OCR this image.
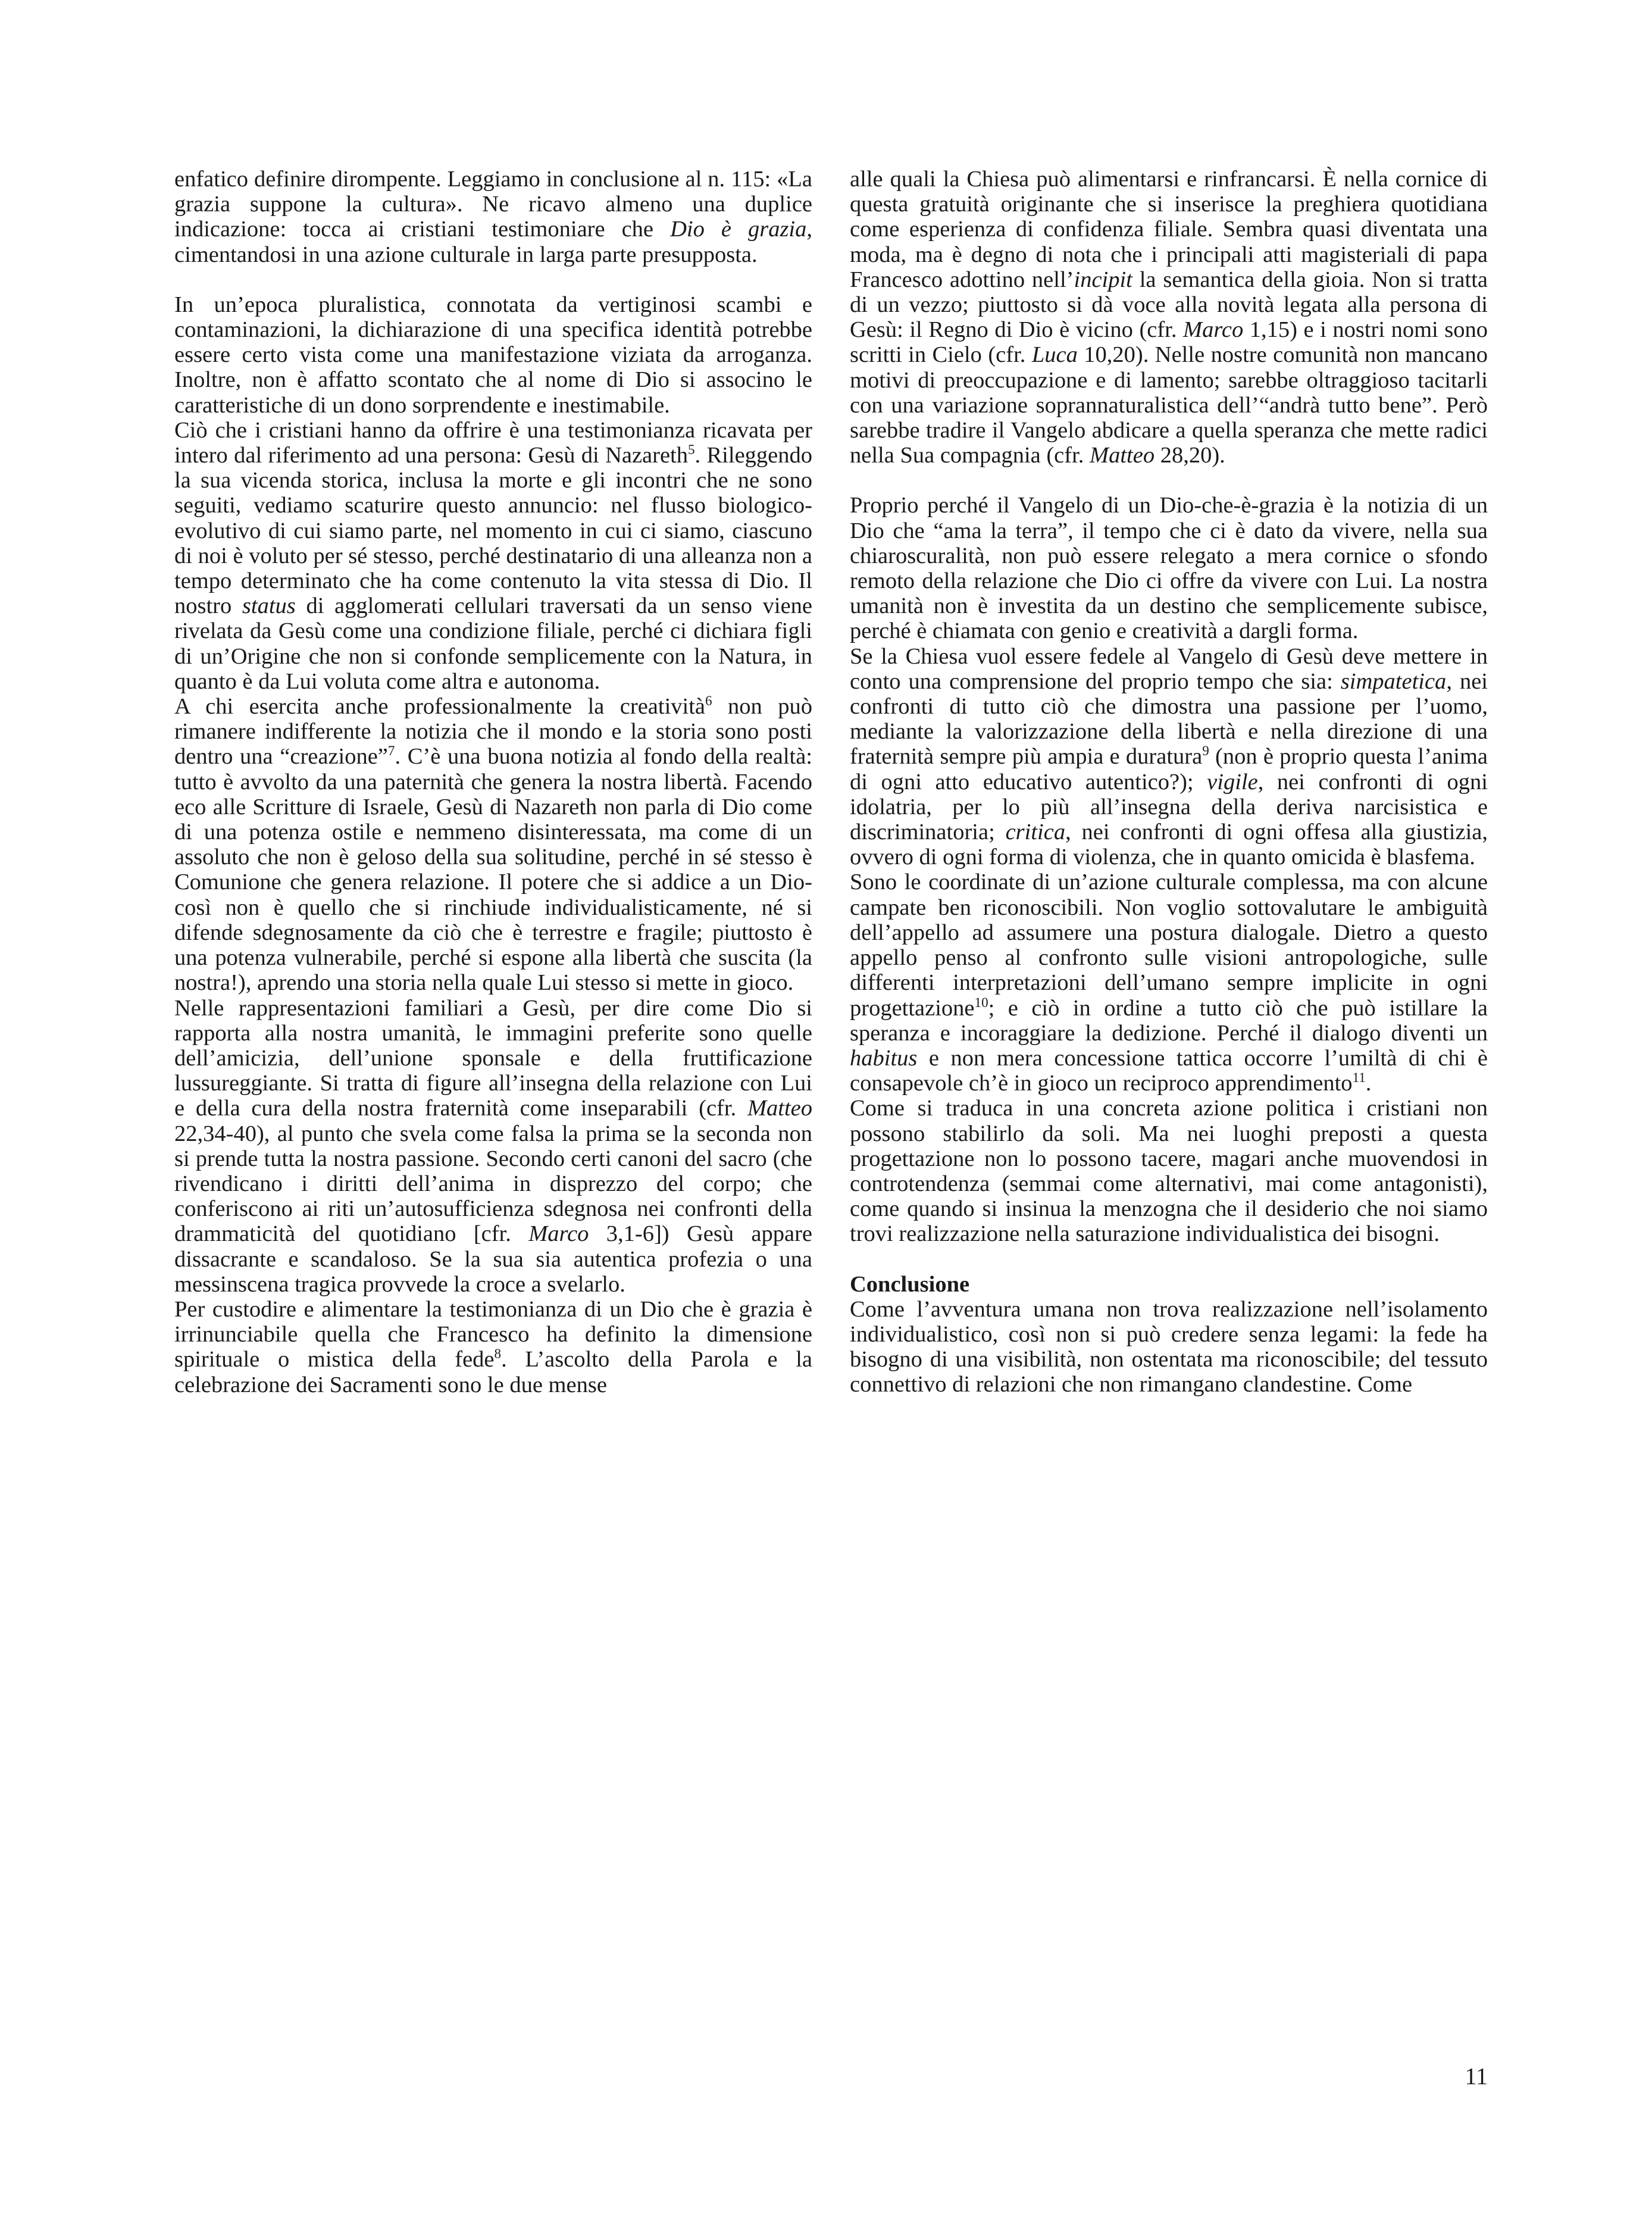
enfatico definire dirompente. Leggiamo in conclusione al n. 115: «La grazia suppone la cultura». Ne ricavo almeno una duplice indicazione: tocca ai cristiani testimoniare che Dio è grazia, cimentandosi in una azione culturale in larga parte presupposta.

In un’epoca pluralistica, connotata da vertiginosi scambi e contaminazioni, la dichiarazione di una specifica identità potrebbe essere certo vista come una manifestazione viziata da arroganza. Inoltre, non è affatto scontato che al nome di Dio si associno le caratteristiche di un dono sorprendente e inestimabile.

Ciò che i cristiani hanno da offrire è una testimonianza ricavata per intero dal riferimento ad una persona: Gesù di Nazareth$^5$. Rileggendo la sua vicenda storica, inclusa la morte e gli incontri che ne sono seguiti, vediamo scaturire questo annuncio: nel flusso biologico-evolutivo di cui siamo parte, nel momento in cui ci siamo, ciascuno di noi è voluto per sé stesso, perché destinatario di una alleanza non a tempo determinato che ha come contenuto la vita stessa di Dio. Il nostro status di agglomerati cellulari traversati da un senso viene rivelata da Gesù come una condizione filiale, perché ci dichiara figli di un’Origine che non si confonde semplicemente con la Natura, in quanto è da Lui voluta come altra e autonoma.

A chi esercita anche professionalmente la creatività$^6$ non può rimanere indifferente la notizia che il mondo e la storia sono posti dentro una “creazione”$^7$. C’è una buona notizia al fondo della realtà: tutto è avvolto da una paternità che genera la nostra libertà. Facendo eco alle Scritture di Israele, Gesù di Nazareth non parla di Dio come di una potenza ostile e nemmeno disinteressata, ma come di un assoluto che non è geloso della sua solitudine, perché in sé stesso è Comunione che genera relazione. Il potere che si addice a un Dio-così non è quello che si rinchiude individualisticamente, né si difende sdegnosamente da ciò che è terrestre e fragile; piuttosto è una potenza vulnerabile, perché si espone alla libertà che suscita (la nostra!), aprendo una storia nella quale Lui stesso si mette in gioco.

Nelle rappresentazioni familiari a Gesù, per dire come Dio si rapporta alla nostra umanità, le immagini preferite sono quelle dell’amicizia, dell’unione sponsale e della fruttificazione lussureggiante. Si tratta di figure all’insegna della relazione con Lui e della cura della nostra fraternità come inseparabili (cfr. Matteo 22,34-40), al punto che svela come falsa la prima se la seconda non si prende tutta la nostra passione. Secondo certi canoni del sacro (che rivendicano i diritti dell’anima in disprezzo del corpo; che conferiscono ai riti un’autosufficienza sdegnosa nei confronti della drammaticità del quotidiano [cfr. Marco 3,1-6]) Gesù appare dissacrante e scandaloso. Se la sua sia autentica profezia o una messinscena tragica provvede la croce a svelarlo.

Per custodire e alimentare la testimonianza di un Dio che è grazia è irrinunciabile quella che Francesco ha definito la dimensione spirituale o mistica della fede$^8$. L’ascolto della Parola e la celebrazione dei Sacramenti sono le due mense

alle quali la Chiesa può alimentarsi e rinfrancarsi. È nella cornice di questa gratuità originante che si inserisce la preghiera quotidiana come esperienza di confidenza filiale. Sembra quasi diventata una moda, ma è degno di nota che i principali atti magisteriali di papa Francesco adottino nell’incipit la semantica della gioia. Non si tratta di un vezzo; piuttosto si dà voce alla novità legata alla persona di Gesù: il Regno di Dio è vicino (cfr. Marco 1,15) e i nostri nomi sono scritti in Cielo (cfr. Luca 10,20). Nelle nostre comunità non mancano motivi di preoccupazione e di lamento; sarebbe oltraggioso tacitarli con una variazione soprannaturalistica dell’“andrà tutto bene”. Però sarebbe tradire il Vangelo abdicare a quella speranza che mette radici nella Sua compagnia (cfr. Matteo 28,20).

Proprio perché il Vangelo di un Dio-che-è-grazia è la notizia di un Dio che “ama la terra”, il tempo che ci è dato da vivere, nella sua chiaroscuralità, non può essere relegato a mera cornice o sfondo remoto della relazione che Dio ci offre da vivere con Lui. La nostra umanità non è investita da un destino che semplicemente subisce, perché è chiamata con genio e creatività a dargli forma.

Se la Chiesa vuol essere fedele al Vangelo di Gesù deve mettere in conto una comprensione del proprio tempo che sia: simpatetica, nei confronti di tutto ciò che dimostra una passione per l’uomo, mediante la valorizzazione della libertà e nella direzione di una fraternità sempre più ampia e duratura$^9$ (non è proprio questa l’anima di ogni atto educativo autentico?); vigile, nei confronti di ogni idolatria, per lo più all’insegna della deriva narcisistica e discriminatoria; critica, nei confronti di ogni offesa alla giustizia, ovvero di ogni forma di violenza, che in quanto omicida è blasfema.

Sono le coordinate di un’azione culturale complessa, ma con alcune campate ben riconoscibili. Non voglio sottovalutare le ambiguità dell’appello ad assumere una postura dialogale. Dietro a questo appello penso al confronto sulle visioni antropologiche, sulle differenti interpretazioni dell’umano sempre implicite in ogni progettazione$^{10}$; e ciò in ordine a tutto ciò che può istillare la speranza e incoraggiare la dedizione. Perché il dialogo diventi un habitus e non mera concessione tattica occorre l’umiltà di chi è consapevole ch’è in gioco un reciproco apprendimento$^{11}$.

Come si traduca in una concreta azione politica i cristiani non possono stabilirlo da soli. Ma nei luoghi preposti a questa progettazione non lo possono tacere, magari anche muovendosi in controtendenza (semmai come alternativi, mai come antagonisti), come quando si insinua la menzogna che il desiderio che noi siamo trovi realizzazione nella saturazione individualistica dei bisogni.

Conclusione

Come l’avventura umana non trova realizzazione nell’isolamento individualistico, così non si può credere senza legami: la fede ha bisogno di una visibilità, non ostentata ma riconoscibile; del tessuto connettivo di relazioni che non rimangano clandestine. Come

11
